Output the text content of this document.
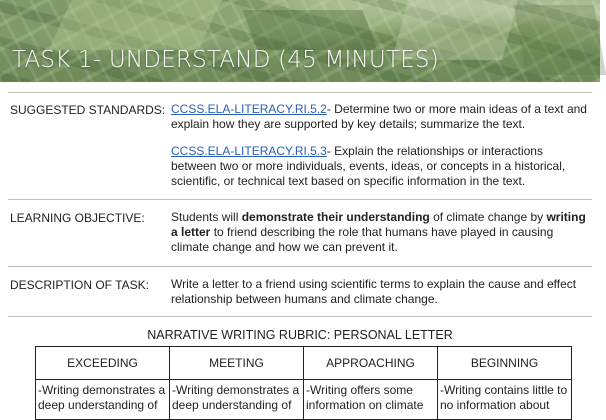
TASK 1- UNDERSTAND (45 MINUTES)
SUGGESTED STANDARDS: CCSS.ELA-LITERACY.RI.5.2- Determine two or more main ideas of a text and explain how they are supported by key details; summarize the text.
CCSS.ELA-LITERACY.RI.5.3- Explain the relationships or interactions between two or more individuals, events, ideas, or concepts in a historical, scientific, or technical text based on specific information in the text.
LEARNING OBJECTIVE: Students will demonstrate their understanding of climate change by writing a letter to friend describing the role that humans have played in causing climate change and how we can prevent it.
DESCRIPTION OF TASK: Write a letter to a friend using scientific terms to explain the cause and effect relationship between humans and climate change.
NARRATIVE WRITING RUBRIC: PERSONAL LETTER
EXCEEDING	MEETING	APPROACHING	BEGINNING
-Writing demonstrates a deep understanding of	-Writing demonstrates a deep understanding of	-Writing offers some information on climate	-Writing contains little to no information about
